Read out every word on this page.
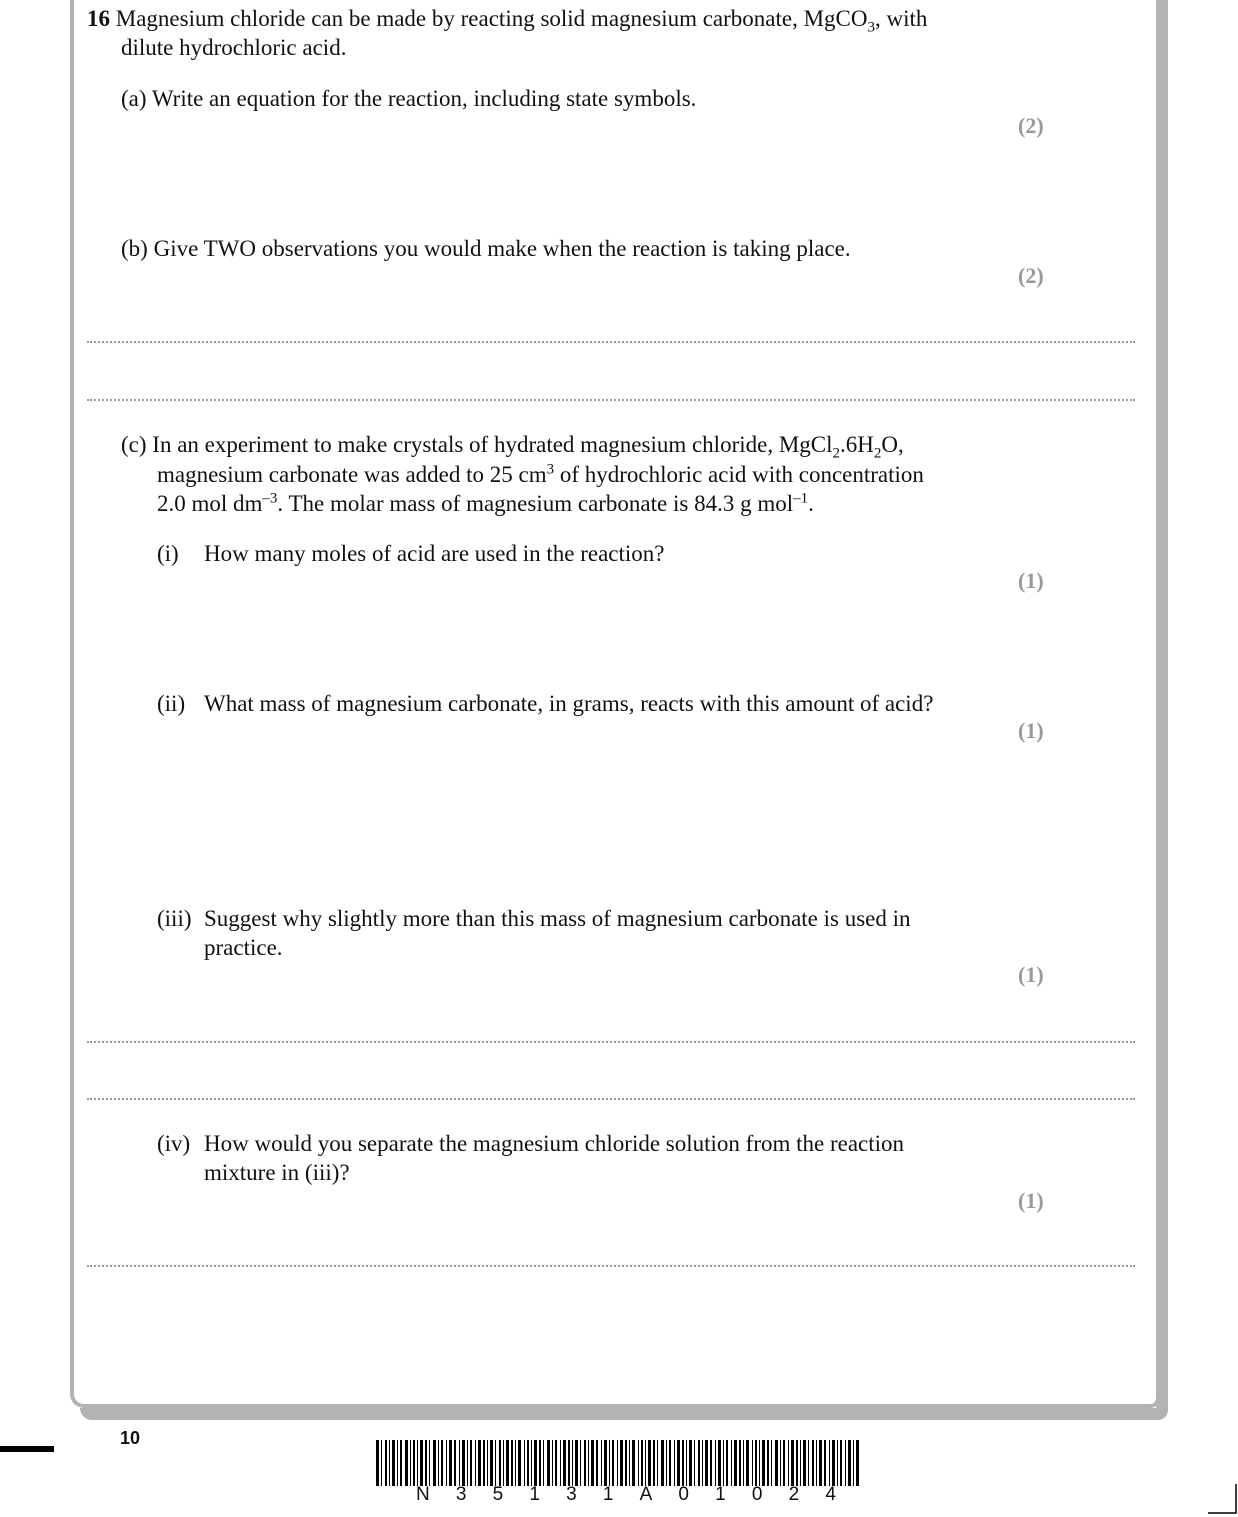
16 Magnesium chloride can be made by reacting solid magnesium carbonate, MgCO$_3$, with
dilute hydrochloric acid.
(a) Write an equation for the reaction, including state symbols.
(2)
(b) Give TWO observations you would make when the reaction is taking place.
(2)
(c) In an experiment to make crystals of hydrated magnesium chloride, $MgCl_2.6H_2O$,
magnesium carbonate was added to 25 $cm^3$ of hydrochloric acid with concentration
2.0 mol $dm^{-3}$. The molar mass of magnesium carbonate is 84.3 g mol$^{-1}$.
(i) How many moles of acid are used in the reaction?
(1)
(ii) What mass of magnesium carbonate, in grams, reacts with this amount of acid?
(1)
(iii) Suggest why slightly more than this mass of magnesium carbonate is used in
practice.
(1)
(iv) How would you separate the magnesium chloride solution from the reaction
mixture in (iii)?
(1)
10
N 3 5 1 3 1 A 0 1 0 2 4
